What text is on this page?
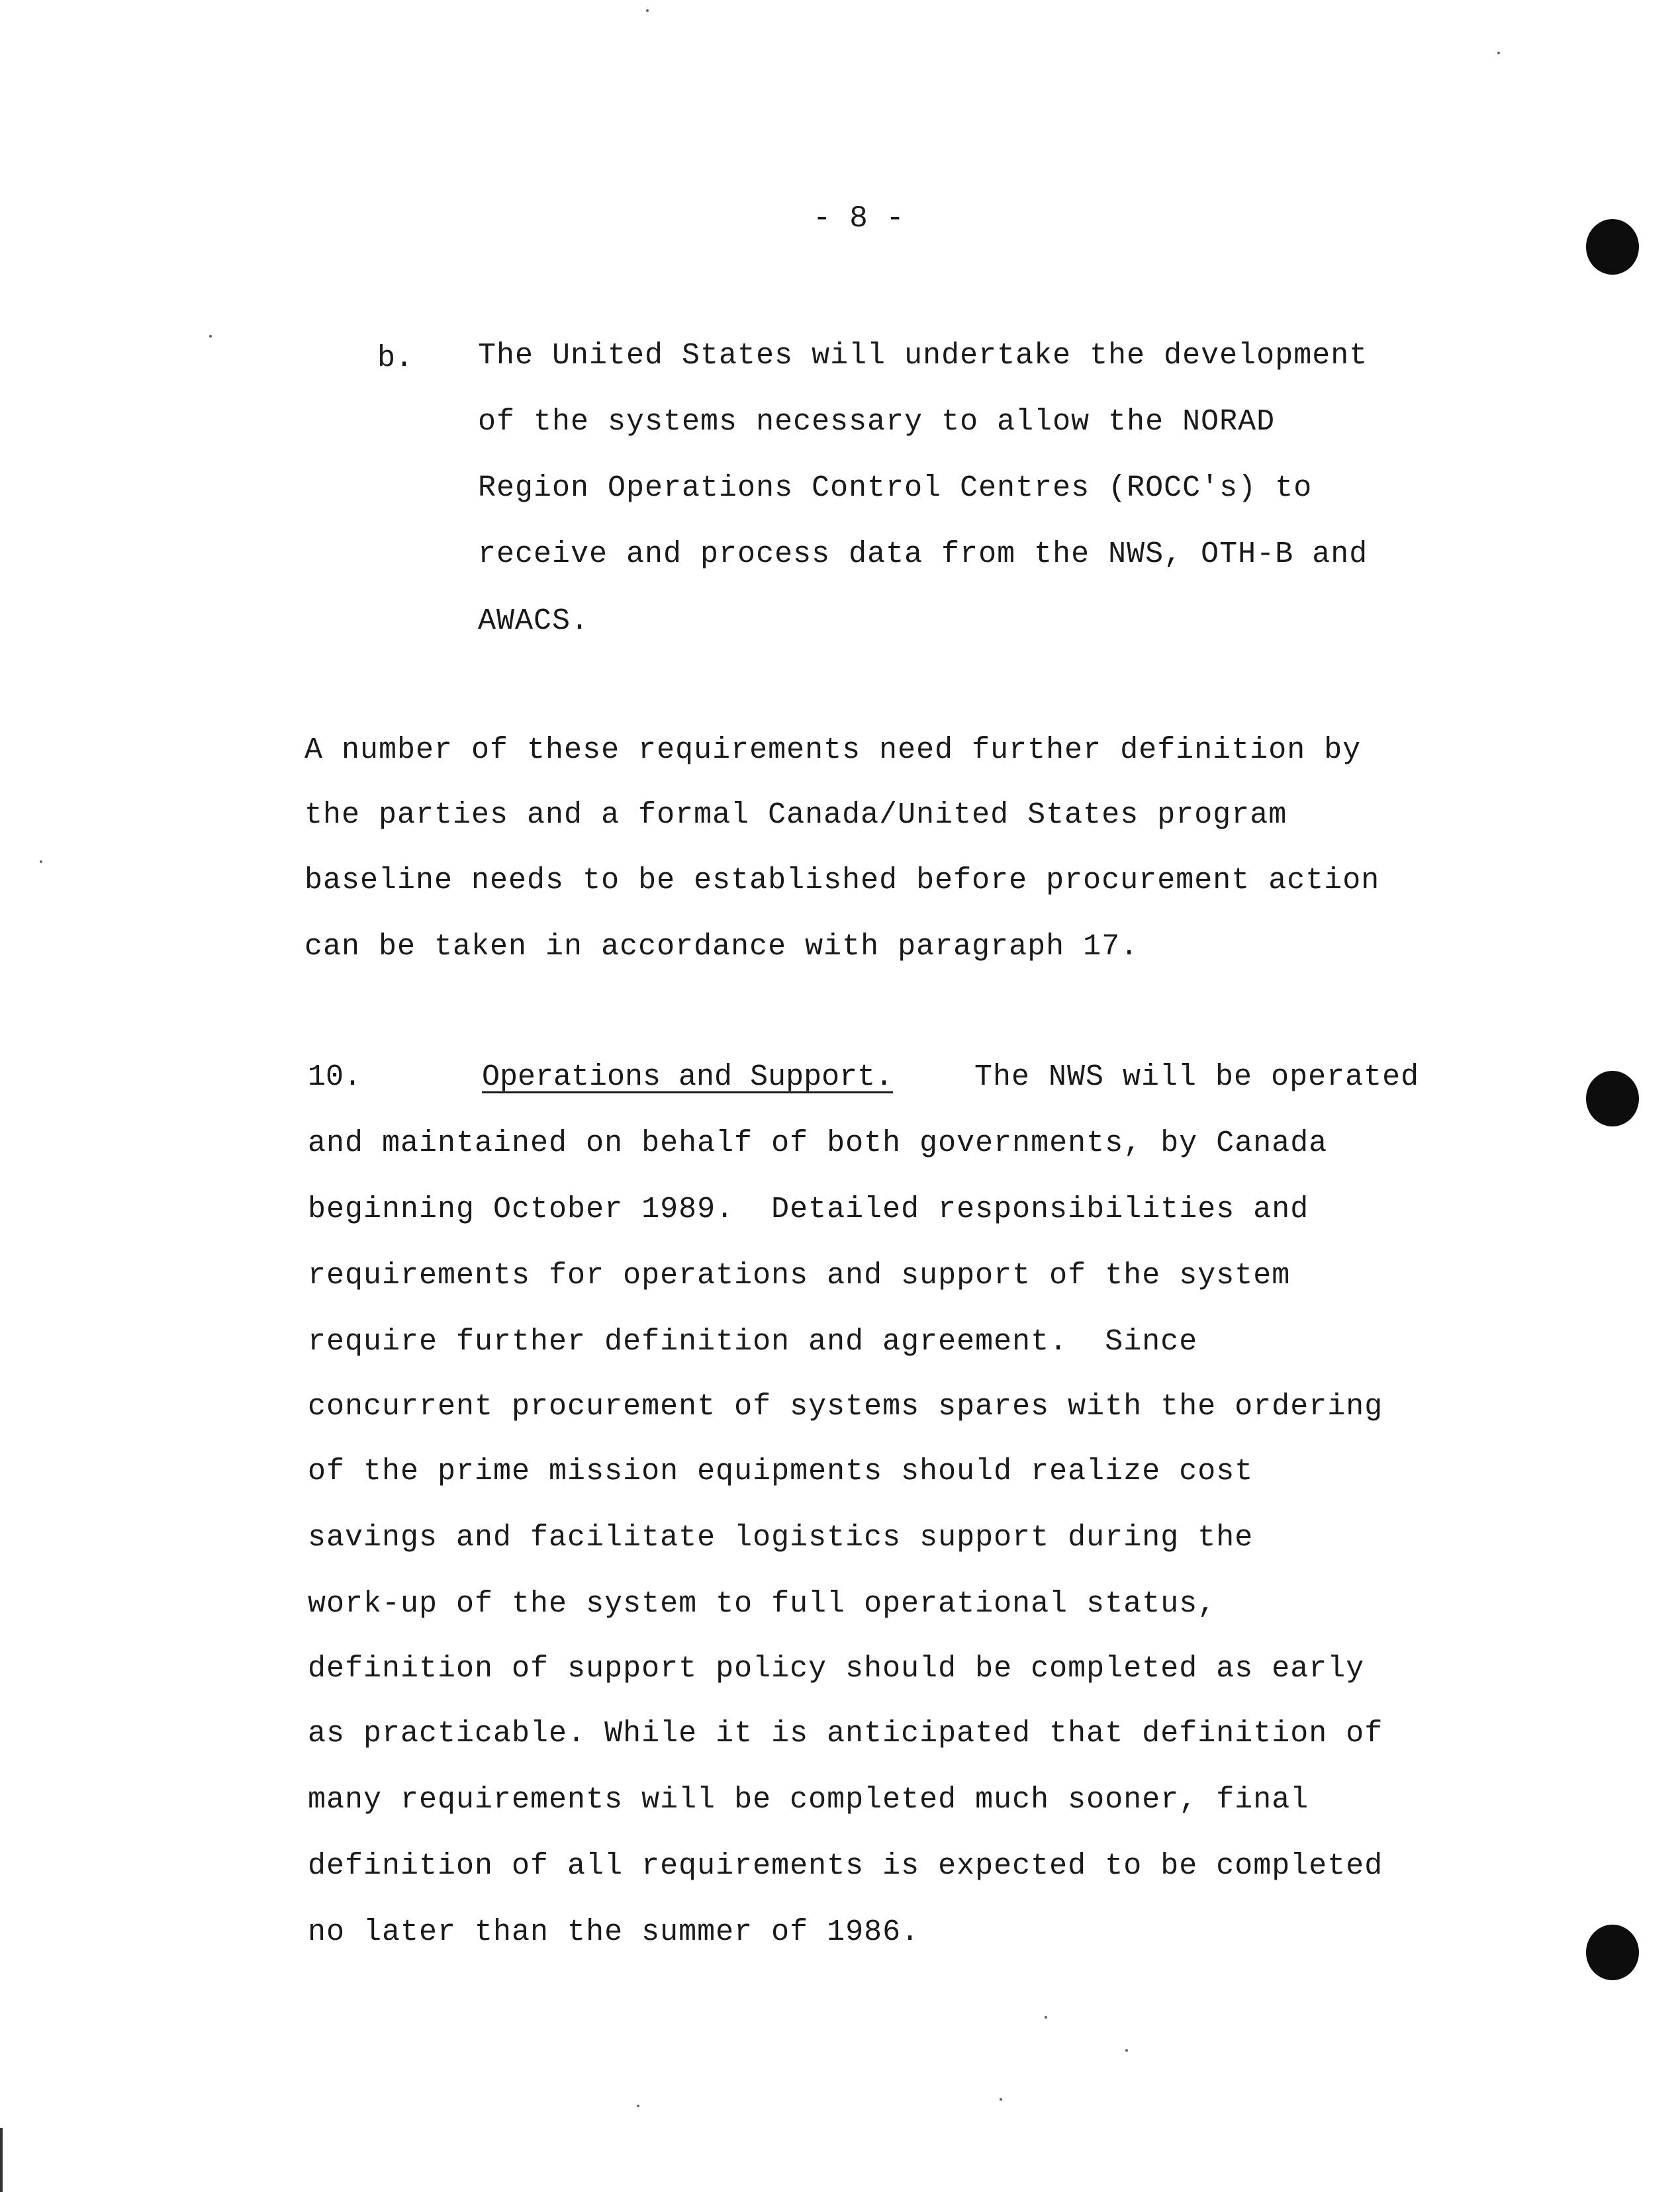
- 8 -
b. The United States will undertake the development
of the systems necessary to allow the NORAD
Region Operations Control Centres (ROCC's) to
receive and process data from the NWS, OTH-B and
AWACS.
A number of these requirements need further definition by
the parties and a formal Canada/United States program
baseline needs to be established before procurement action
can be taken in accordance with paragraph 17.
10.	Operations and Support.	The NWS will be operated
and maintained on behalf of both governments, by Canada
beginning October 1989.  Detailed responsibilities and
requirements for operations and support of the system
require further definition and agreement.  Since
concurrent procurement of systems spares with the ordering
of the prime mission equipments should realize cost
savings and facilitate logistics support during the
work-up of the system to full operational status,
definition of support policy should be completed as early
as practicable. While it is anticipated that definition of
many requirements will be completed much sooner, final
definition of all requirements is expected to be completed
no later than the summer of 1986.
